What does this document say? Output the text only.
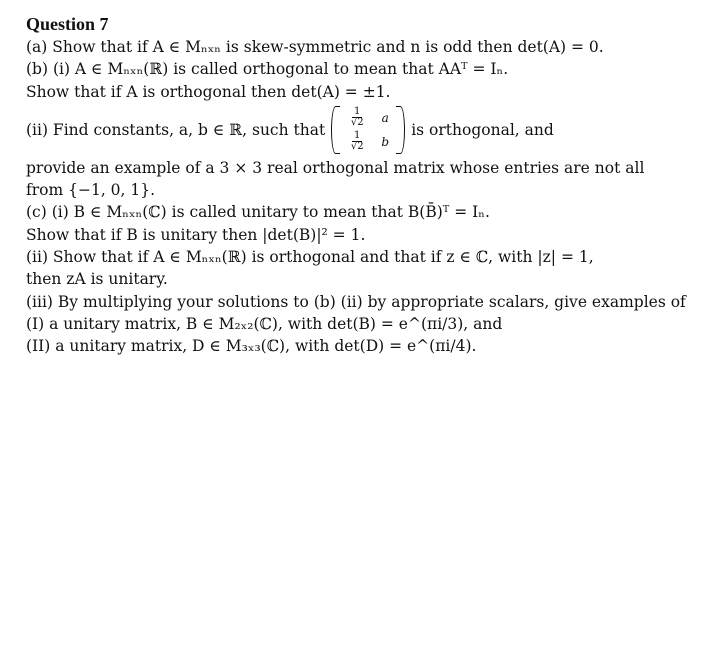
Question 7
(a) Show that if A ∈ Mₙₓₙ is skew-symmetric and n is odd then det(A) = 0.
(b) (i) A ∈ Mₙₓₙ(ℝ) is called orthogonal to mean that AAᵀ = Iₙ.
Show that if A is orthogonal then det(A) = ±1.
(ii) Find constants, a, b ∈ ℝ, such that
$\frac{1}{√2}$ a
$\frac{1}{√2}$ b
is orthogonal, and
provide an example of a 3 × 3 real orthogonal matrix whose entries are not all
from {−1, 0, 1}.
(c) (i) B ∈ Mₙₓₙ(ℂ) is called unitary to mean that B(B̄)ᵀ = Iₙ.
Show that if B is unitary then |det(B)|² = 1.
(ii) Show that if A ∈ Mₙₓₙ(ℝ) is orthogonal and that if z ∈ ℂ, with |z| = 1,
then zA is unitary.
(iii) By multiplying your solutions to (b) (ii) by appropriate scalars, give examples of
(I) a unitary matrix, B ∈ M₂ₓ₂(ℂ), with det(B) = e^(πi/3), and
(II) a unitary matrix, D ∈ M₃ₓ₃(ℂ), with det(D) = e^(πi/4).
